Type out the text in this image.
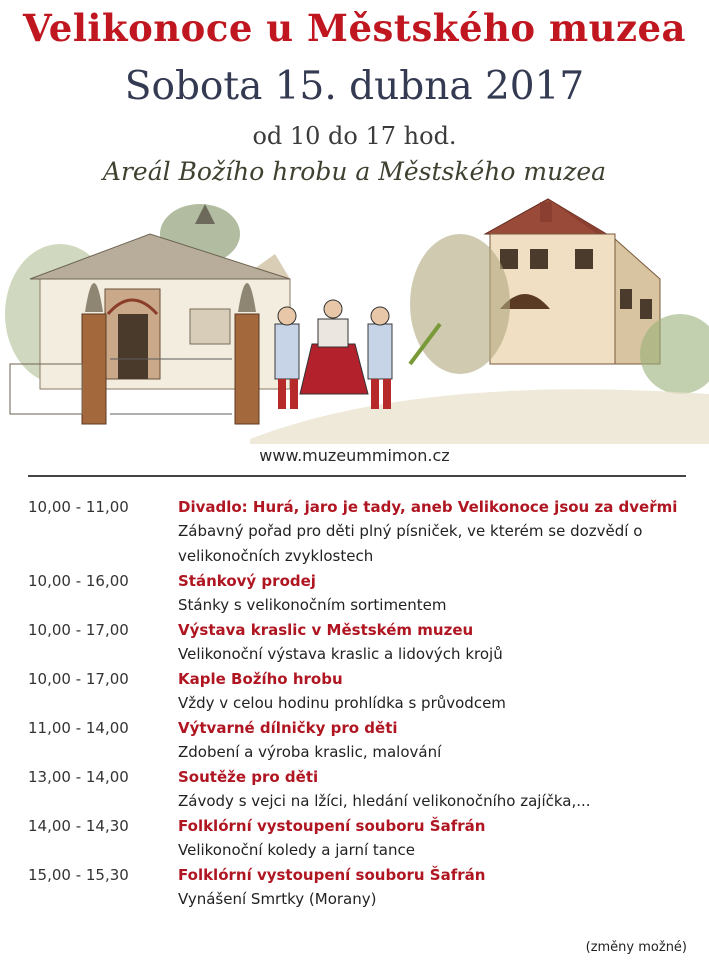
Velikonoce u Městského muzea
Sobota 15. dubna 2017
od 10 do 17 hod.
Areál Božího hrobu a Městského muzea
www.muzeummimon.cz
10,00 - 11,00	Divadlo: Hurá, jaro je tady, aneb Velikonoce jsou za dveřmi
Zábavný pořad pro děti plný písniček, ve kterém se dozvědí o velikonočních zvyklostech
10,00 - 16,00	Stánkový prodej
Stánky s velikonočním sortimentem
10,00 - 17,00	Výstava kraslic v Městském muzeu
Velikonoční výstava kraslic a lidových krojů
10,00 - 17,00	Kaple Božího hrobu
Vždy v celou hodinu prohlídka s průvodcem
11,00 - 14,00	Výtvarné dílničky pro děti
Zdobení a výroba kraslic, malování
13,00 - 14,00	Soutěže pro děti
Závody s vejci na lžíci, hledání velikonočního zajíčka,...
14,00 - 14,30	Folklórní vystoupení souboru Šafrán
Velikonoční koledy a jarní tance
15,00 - 15,30	Folklórní vystoupení souboru Šafrán
Vynášení Smrtky (Morany)
(změny možné)
